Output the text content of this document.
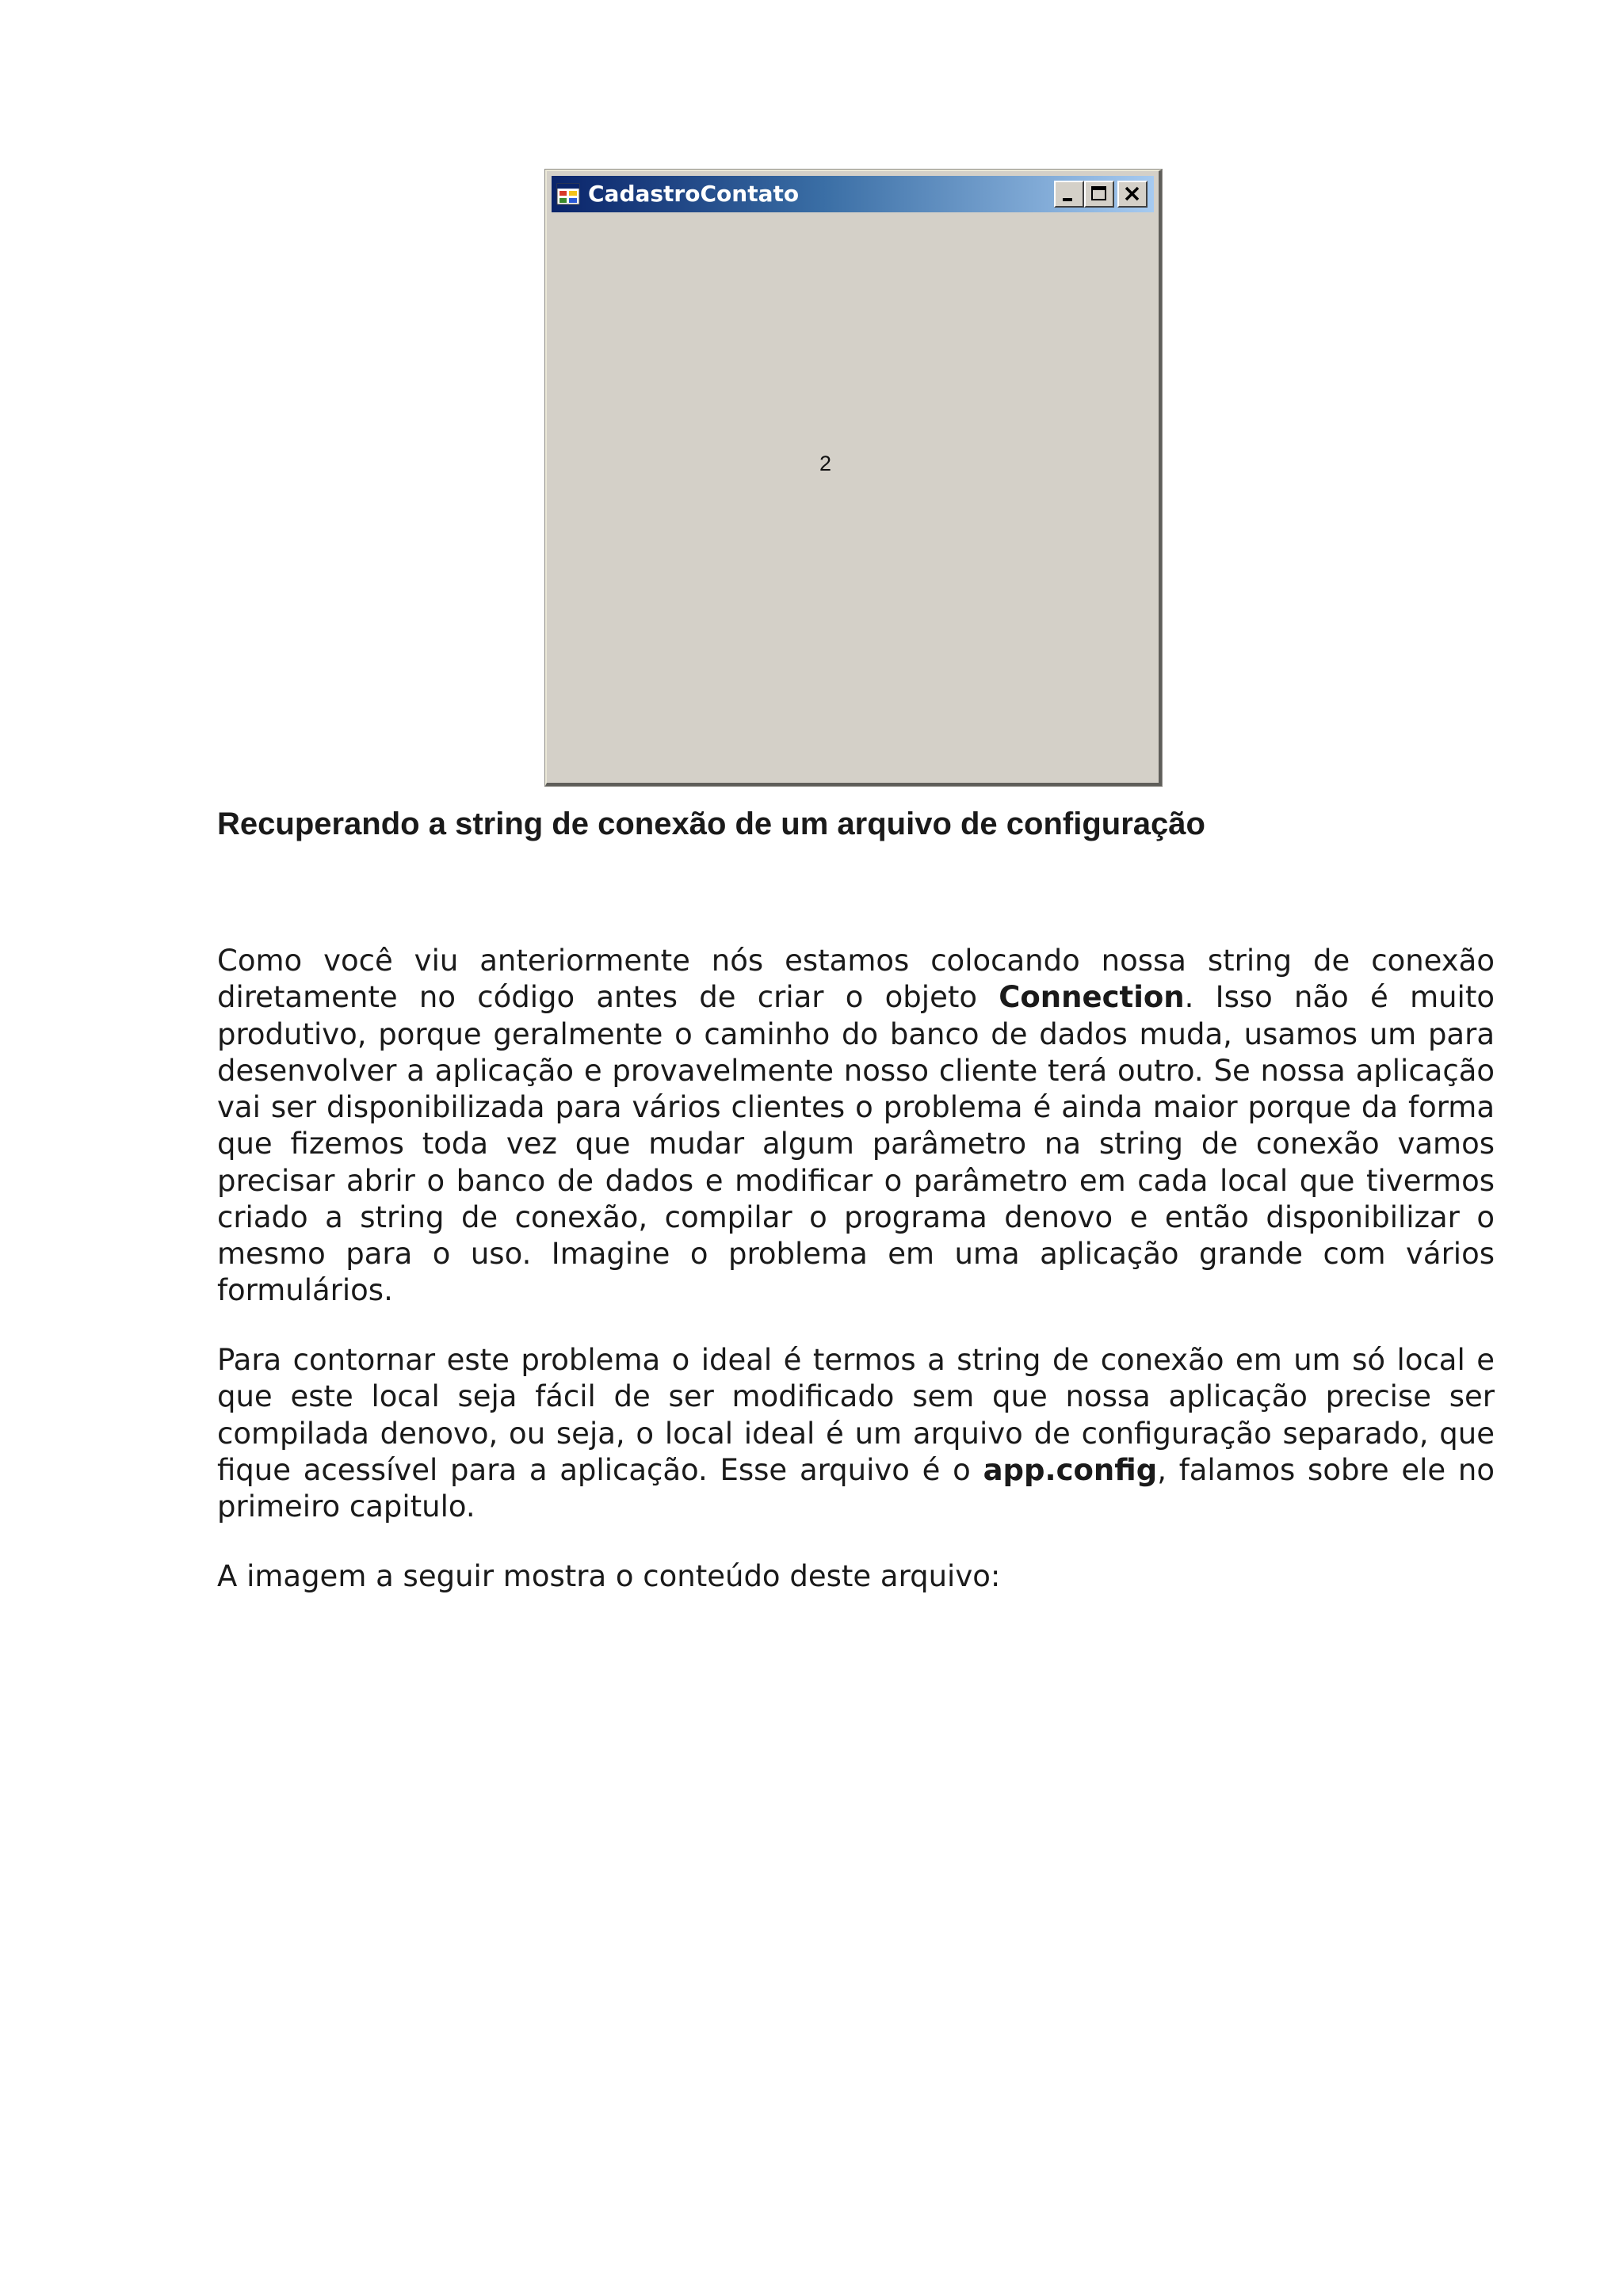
CadastroContato
2
Recuperando a string de conexão de um arquivo de configuração

Como você viu anteriormente nós estamos colocando nossa string de conexão diretamente no código antes de criar o objeto Connection. Isso não é muito produtivo, porque geralmente o caminho do banco de dados muda, usamos um para desenvolver a aplicação e provavelmente nosso cliente terá outro. Se nossa aplicação vai ser disponibilizada para vários clientes o problema é ainda maior porque da forma que fizemos toda vez que mudar algum parâmetro na string de conexão vamos precisar abrir o banco de dados e modificar o parâmetro em cada local que tivermos criado a string de conexão, compilar o programa denovo e então disponibilizar o mesmo para o uso. Imagine o problema em uma aplicação grande com vários formulários.

Para contornar este problema o ideal é termos a string de conexão em um só local e que este local seja fácil de ser modificado sem que nossa aplicação precise ser compilada denovo, ou seja, o local ideal é um arquivo de configuração separado, que fique acessível para a aplicação. Esse arquivo é o app.config, falamos sobre ele no primeiro capitulo.

A imagem a seguir mostra o conteúdo deste arquivo:
